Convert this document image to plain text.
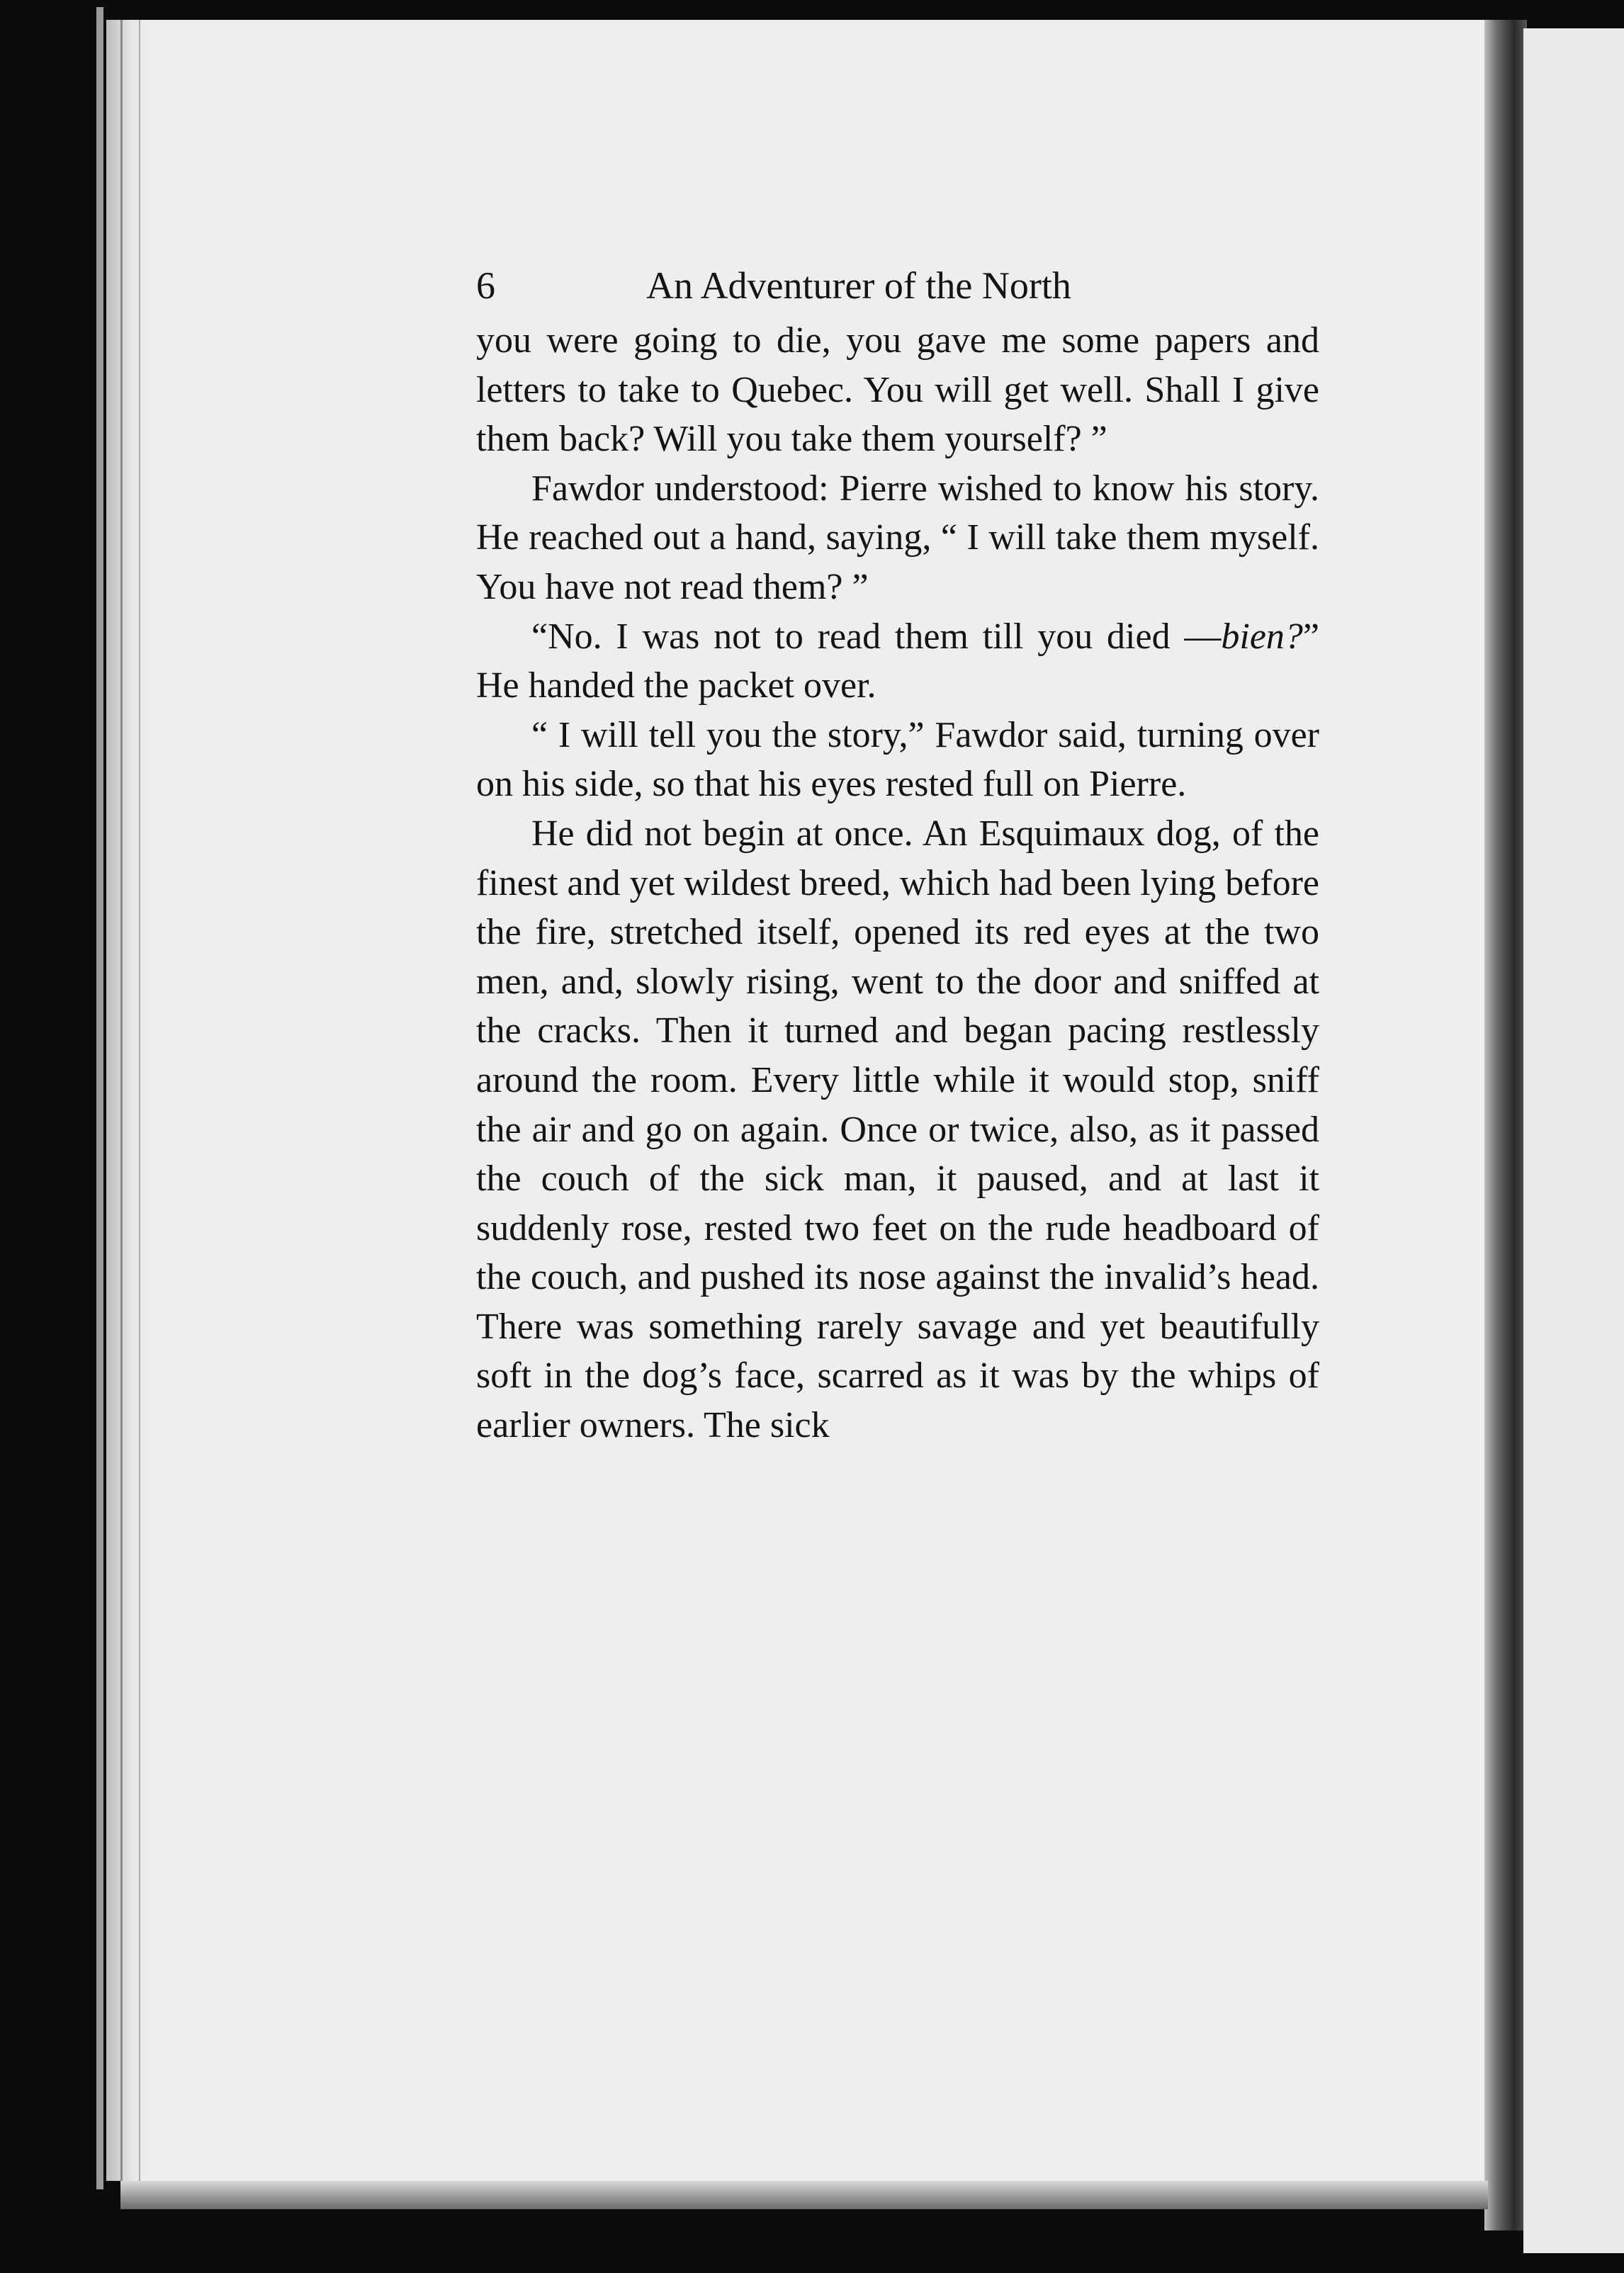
6	An Adventurer of the North

you were going to die, you gave me some papers and letters to take to Quebec. You will get well. Shall I give them back? Will you take them yourself? ”

Fawdor understood: Pierre wished to know his story. He reached out a hand, saying, “ I will take them myself. You have not read them? ”

“No. I was not to read them till you died —bien?” He handed the packet over.

“ I will tell you the story,” Fawdor said, turning over on his side, so that his eyes rested full on Pierre.

He did not begin at once. An Esquimaux dog, of the finest and yet wildest breed, which had been lying before the fire, stretched itself, opened its red eyes at the two men, and, slowly rising, went to the door and sniffed at the cracks. Then it turned and began pacing restlessly around the room. Every little while it would stop, sniff the air and go on again. Once or twice, also, as it passed the couch of the sick man, it paused, and at last it suddenly rose, rested two feet on the rude headboard of the couch, and pushed its nose against the invalid’s head. There was something rarely savage and yet beautifully soft in the dog’s face, scarred as it was by the whips of earlier owners. The sick
